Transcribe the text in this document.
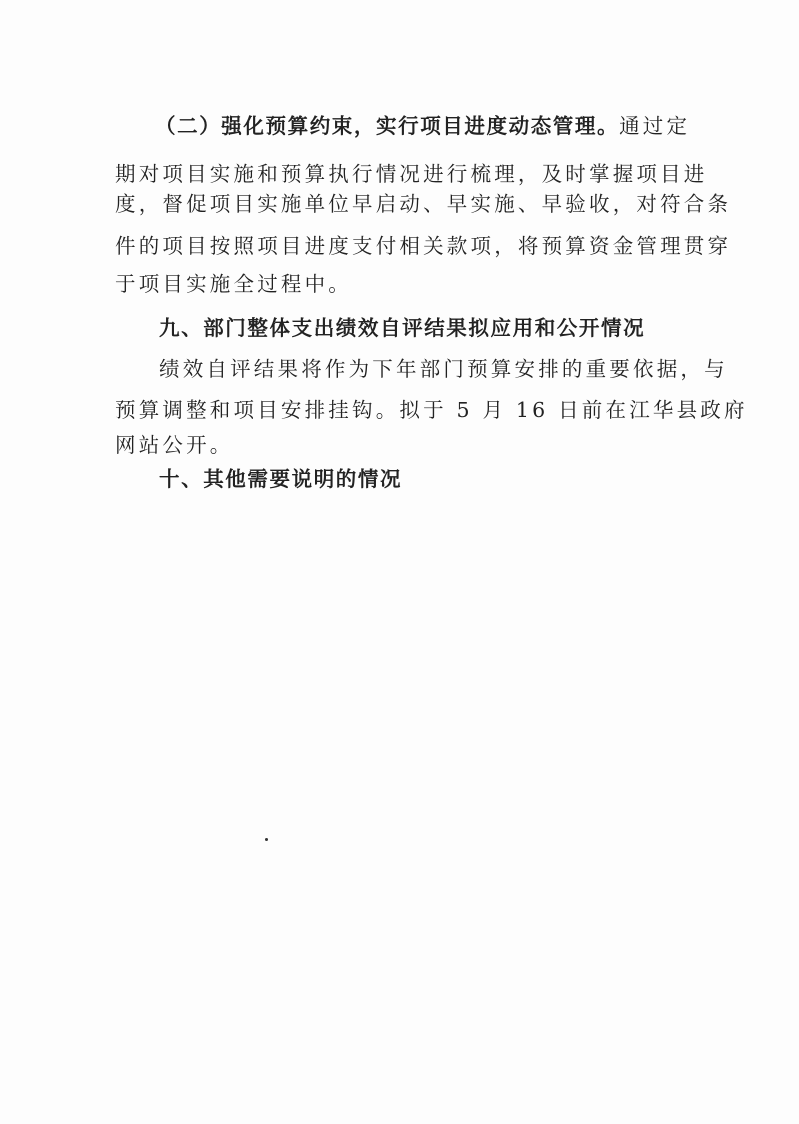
（二）强化预算约束，实行项目进度动态管理。通过定
期对项目实施和预算执行情况进行梳理，及时掌握项目进
度，督促项目实施单位早启动、早实施、早验收，对符合条
件的项目按照项目进度支付相关款项，将预算资金管理贯穿
于项目实施全过程中。
九、部门整体支出绩效自评结果拟应用和公开情况
绩效自评结果将作为下年部门预算安排的重要依据，与
预算调整和项目安排挂钩。拟于 5 月 16 日前在江华县政府
网站公开。
十、其他需要说明的情况
